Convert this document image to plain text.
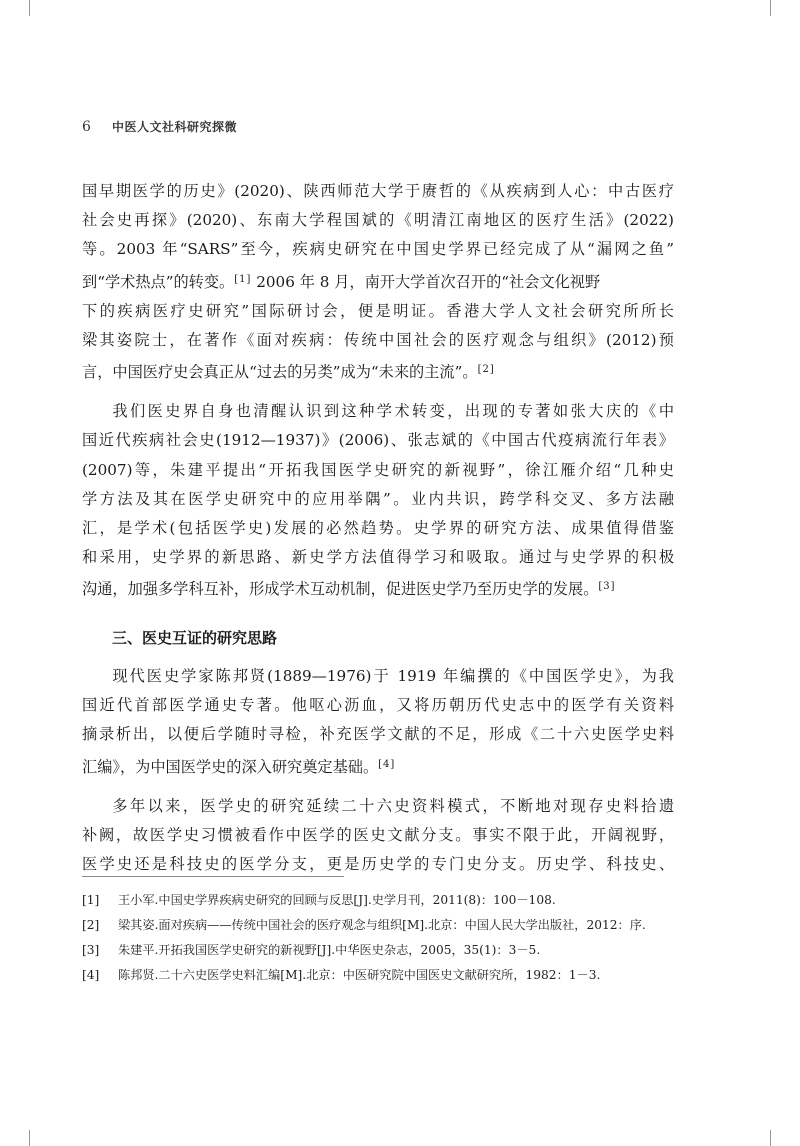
6	中医人文社科研究探微

国早期医学的历史》(2020)、陕西师范大学于赓哲的《从疾病到人心：中古医疗

社会史再探》(2020)、东南大学程国斌的《明清江南地区的医疗生活》(2022)

等。2003 年“SARS”至今，疾病史研究在中国史学界已经完成了从“漏网之鱼”

到“学术热点”的转变。[1] 2006 年 8 月，南开大学首次召开的“社会文化视野

下的疾病医疗史研究”国际研讨会，便是明证。香港大学人文社会研究所所长

梁其姿院士，在著作《面对疾病：传统中国社会的医疗观念与组织》(2012)预

言，中国医疗史会真正从“过去的另类”成为“未来的主流”。[2]

我们医史界自身也清醒认识到这种学术转变，出现的专著如张大庆的《中

国近代疾病社会史(1912—1937)》(2006)、张志斌的《中国古代疫病流行年表》

(2007)等，朱建平提出“开拓我国医学史研究的新视野”，徐江雁介绍“几种史

学方法及其在医学史研究中的应用举隅”。业内共识，跨学科交叉、多方法融

汇，是学术(包括医学史)发展的必然趋势。史学界的研究方法、成果值得借鉴

和采用，史学界的新思路、新史学方法值得学习和吸取。通过与史学界的积极

沟通，加强多学科互补，形成学术互动机制，促进医史学乃至历史学的发展。[3]

三、医史互证的研究思路

现代医史学家陈邦贤(1889—1976)于 1919 年编撰的《中国医学史》，为我

国近代首部医学通史专著。他呕心沥血，又将历朝历代史志中的医学有关资料

摘录析出，以便后学随时寻检，补充医学文献的不足，形成《二十六史医学史料

汇编》，为中国医学史的深入研究奠定基础。[4]

多年以来，医学史的研究延续二十六史资料模式，不断地对现存史料拾遗

补阙，故医学史习惯被看作中医学的医史文献分支。事实不限于此，开阔视野，

医学史还是科技史的医学分支，更是历史学的专门史分支。历史学、科技史、

[1]	王小军.中国史学界疾病史研究的回顾与反思[J].史学月刊，2011(8)：100－108.
[2]	梁其姿.面对疾病——传统中国社会的医疗观念与组织[M].北京：中国人民大学出版社，2012：序.
[3]	朱建平.开拓我国医学史研究的新视野[J].中华医史杂志，2005，35(1)：3－5.
[4]	陈邦贤.二十六史医学史料汇编[M].北京：中医研究院中国医史文献研究所，1982：1－3.
